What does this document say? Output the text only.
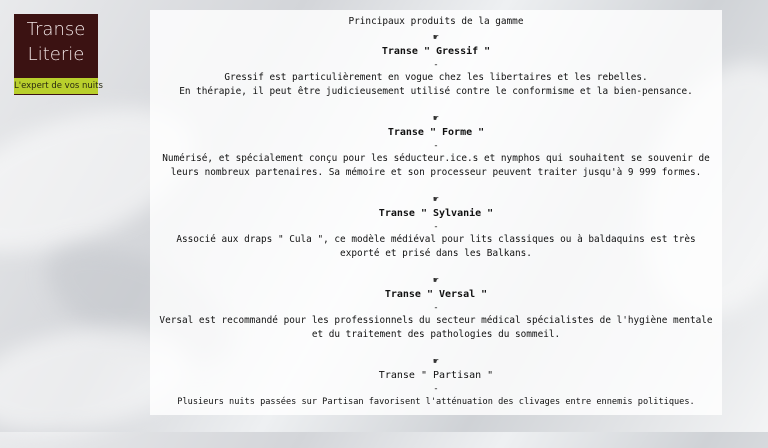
Transe
Literie
L'expert de vos nuits
Principaux produits de la gamme
☛
Transe " Gressif "
-
Gressif est particulièrement en vogue chez les libertaires et les rebelles.
En thérapie, il peut être judicieusement utilisé contre le conformisme et la bien-pensance.
☛
Transe " Forme "
-
Numérisé, et spécialement conçu pour les séducteur.ice.s et nymphos qui souhaitent se souvenir de leurs nombreux partenaires. Sa mémoire et son processeur peuvent traiter jusqu'à 9 999 formes.
☛
Transe " Sylvanie "
-
Associé aux draps " Cula ", ce modèle médiéval pour lits classiques ou à baldaquins est très exporté et prisé dans les Balkans.
☛
Transe " Versal "
-
Versal est recommandé pour les professionnels du secteur médical spécialistes de l'hygiène mentale et du traitement des pathologies du sommeil.
☛
Transe " Partisan "
-
Plusieurs nuits passées sur Partisan favorisent l'atténuation des clivages entre ennemis politiques.
